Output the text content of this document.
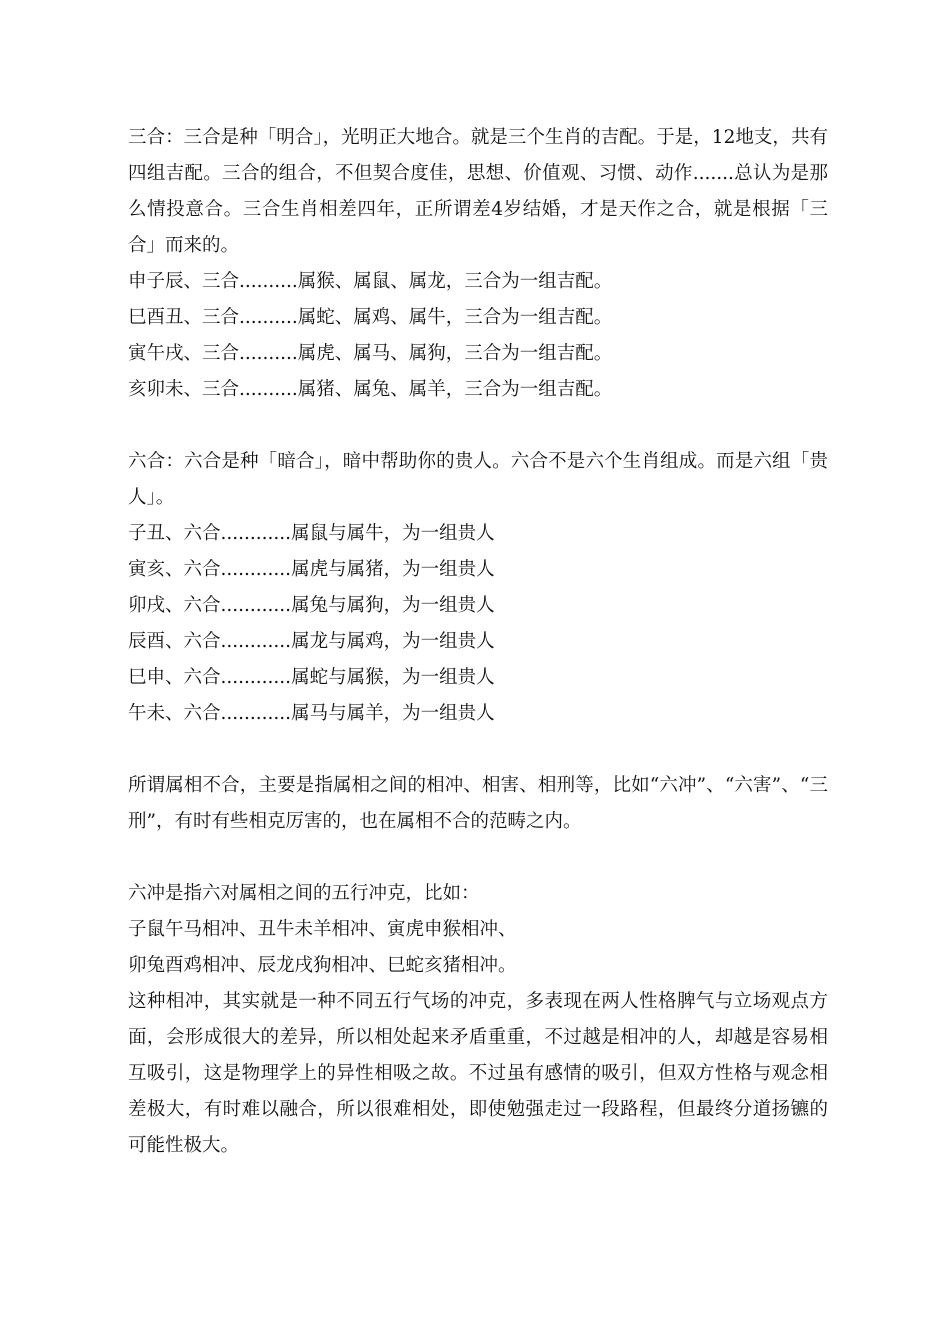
三合：三合是种「明合」，光明正大地合。就是三个生肖的吉配。于是，12地支，共有四组吉配。三合的组合，不但契合度佳，思想、价值观、习惯、动作.......总认为是那么情投意合。三合生肖相差四年，正所谓差4岁结婚，才是天作之合，就是根据「三合」而来的。

申子辰、三合..........属猴、属鼠、属龙，三合为一组吉配。
巳酉丑、三合..........属蛇、属鸡、属牛，三合为一组吉配。
寅午戌、三合..........属虎、属马、属狗，三合为一组吉配。
亥卯未、三合..........属猪、属兔、属羊，三合为一组吉配。

六合：六合是种「暗合」，暗中帮助你的贵人。六合不是六个生肖组成。而是六组「贵人」。

子丑、六合............属鼠与属牛，为一组贵人
寅亥、六合............属虎与属猪，为一组贵人
卯戌、六合............属兔与属狗，为一组贵人
辰酉、六合............属龙与属鸡，为一组贵人
巳申、六合............属蛇与属猴，为一组贵人
午未、六合............属马与属羊，为一组贵人

所谓属相不合，主要是指属相之间的相冲、相害、相刑等，比如“六冲”、“六害”、“三刑”，有时有些相克厉害的，也在属相不合的范畴之内。

六冲是指六对属相之间的五行冲克，比如：

子鼠午马相冲、丑牛未羊相冲、寅虎申猴相冲、
卯兔酉鸡相冲、辰龙戌狗相冲、巳蛇亥猪相冲。

这种相冲，其实就是一种不同五行气场的冲克，多表现在两人性格脾气与立场观点方面，会形成很大的差异，所以相处起来矛盾重重，不过越是相冲的人，却越是容易相互吸引，这是物理学上的异性相吸之故。不过虽有感情的吸引，但双方性格与观念相差极大，有时难以融合，所以很难相处，即使勉强走过一段路程，但最终分道扬镳的可能性极大。
